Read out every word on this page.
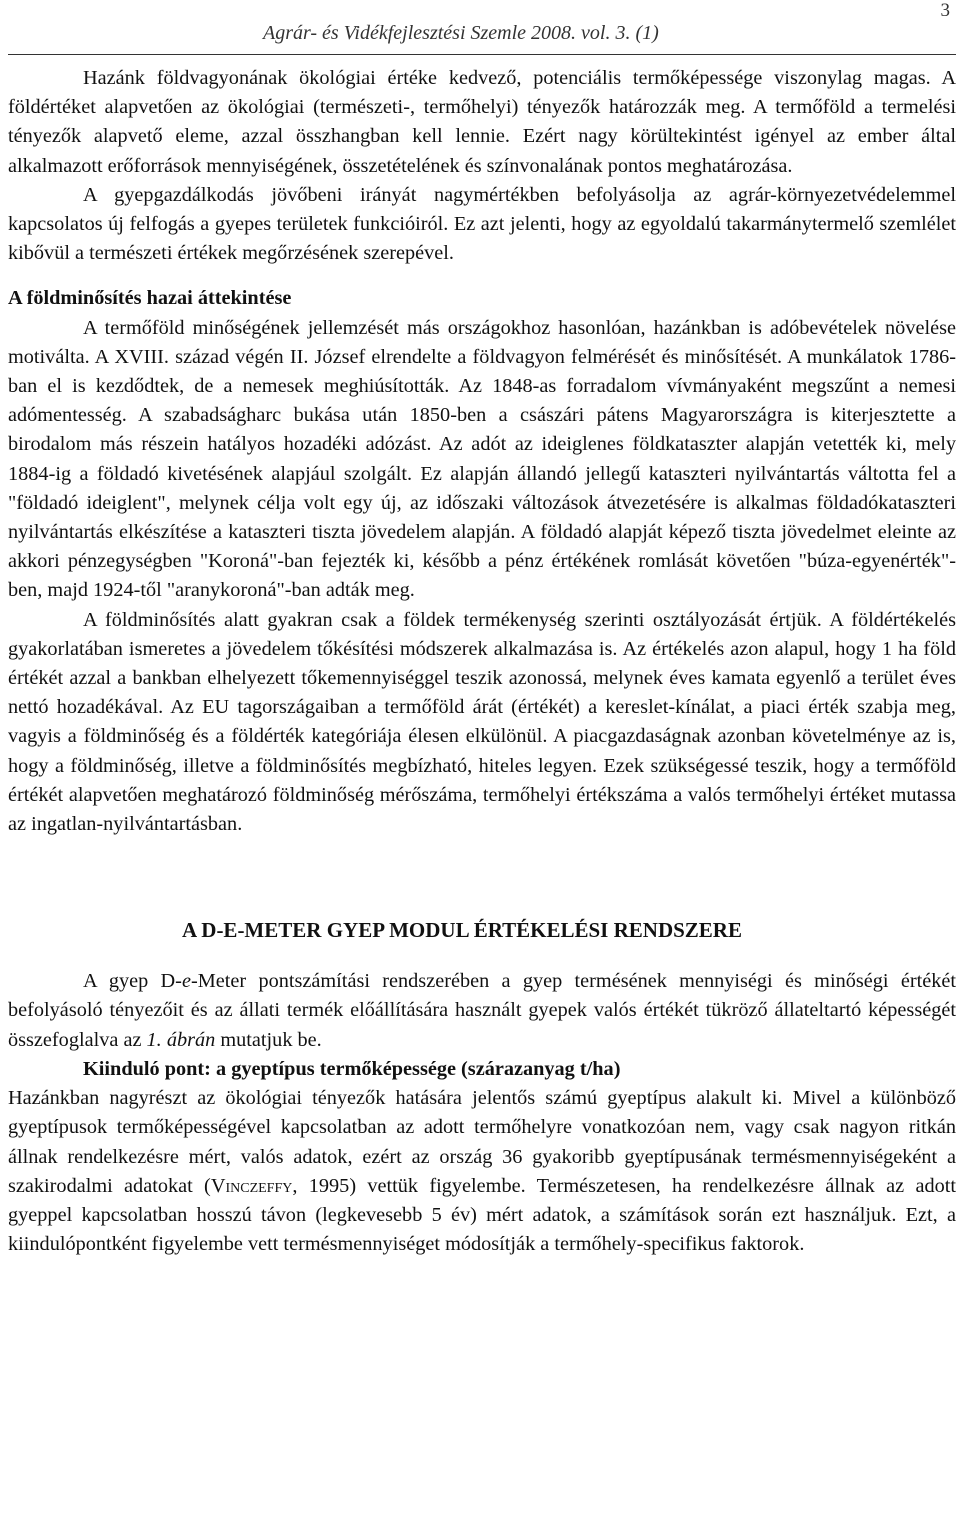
3
Agrár- és Vidékfejlesztési Szemle 2008. vol. 3. (1)

Hazánk földvagyonának ökológiai értéke kedvező, potenciális termőképessége viszonylag magas. A földértéket alapvetően az ökológiai (természeti-, termőhelyi) tényezők határozzák meg. A termőföld a termelési tényezők alapvető eleme, azzal összhangban kell lennie. Ezért nagy körültekintést igényel az ember által alkalmazott erőforrások mennyiségének, összetételének és színvonalának pontos meghatározása.

A gyepgazdálkodás jövőbeni irányát nagymértékben befolyásolja az agrár-környezetvédelemmel kapcsolatos új felfogás a gyepes területek funkcióiról. Ez azt jelenti, hogy az egyoldalú takarmánytermelő szemlélet kibővül a természeti értékek megőrzésének szerepével.

A földminősítés hazai áttekintése

A termőföld minőségének jellemzését más országokhoz hasonlóan, hazánkban is adóbevételek növelése motiválta. A XVIII. század végén II. József elrendelte a földvagyon felmérését és minősítését. A munkálatok 1786-ban el is kezdődtek, de a nemesek meghiúsították. Az 1848-as forradalom vívmányaként megszűnt a nemesi adómentesség. A szabadságharc bukása után 1850-ben a császári pátens Magyarországra is kiterjesztette a birodalom más részein hatályos hozadéki adózást. Az adót az ideiglenes földkataszter alapján vetették ki, mely 1884-ig a földadó kivetésének alapjául szolgált. Ez alapján állandó jellegű kataszteri nyilvántartás váltotta fel a "földadó ideiglent", melynek célja volt egy új, az időszaki változások átvezetésére is alkalmas földadókataszteri nyilvántartás elkészítése a kataszteri tiszta jövedelem alapján. A földadó alapját képező tiszta jövedelmet eleinte az akkori pénzegységben "Koroná"-ban fejezték ki, később a pénz értékének romlását követően "búza-egyenérték"-ben, majd 1924-től "aranykoroná"-ban adták meg.

A földminősítés alatt gyakran csak a földek termékenység szerinti osztályozását értjük. A földértékelés gyakorlatában ismeretes a jövedelem tőkésítési módszerek alkalmazása is. Az értékelés azon alapul, hogy 1 ha föld értékét azzal a bankban elhelyezett tőkemennyiséggel teszik azonossá, melynek éves kamata egyenlő a terület éves nettó hozadékával. Az EU tagországaiban a termőföld árát (értékét) a kereslet-kínálat, a piaci érték szabja meg, vagyis a földminőség és a földérték kategóriája élesen elkülönül. A piacgazdaságnak azonban követelménye az is, hogy a földminőség, illetve a földminősítés megbízható, hiteles legyen. Ezek szükségessé teszik, hogy a termőföld értékét alapvetően meghatározó földminőség mérőszáma, termőhelyi értékszáma a valós termőhelyi értéket mutassa az ingatlan-nyilvántartásban.

A D-E-METER GYEP MODUL ÉRTÉKELÉSI RENDSZERE

A gyep D-e-Meter pontszámítási rendszerében a gyep termésének mennyiségi és minőségi értékét befolyásoló tényezőit és az állati termék előállítására használt gyepek valós értékét tükröző állateltartó képességét összefoglalva az 1. ábrán mutatjuk be.

Kiinduló pont: a gyeptípus termőképessége (szárazanyag t/ha)

Hazánkban nagyrészt az ökológiai tényezők hatására jelentős számú gyeptípus alakult ki. Mivel a különböző gyeptípusok termőképességével kapcsolatban az adott termőhelyre vonatkozóan nem, vagy csak nagyon ritkán állnak rendelkezésre mért, valós adatok, ezért az ország 36 gyakoribb gyeptípusának termésmennyiségeként a szakirodalmi adatokat (Vinczeffy, 1995) vettük figyelembe. Természetesen, ha rendelkezésre állnak az adott gyeppel kapcsolatban hosszú távon (legkevesebb 5 év) mért adatok, a számítások során ezt használjuk. Ezt, a kiindulópontként figyelembe vett termésmennyiséget módosítják a termőhely-specifikus faktorok.
